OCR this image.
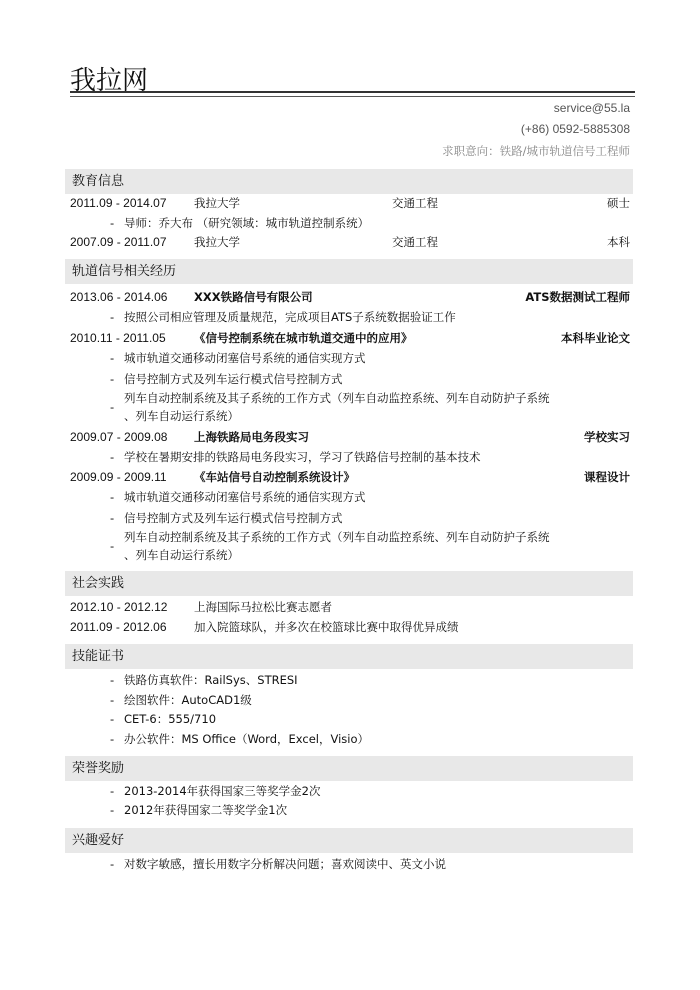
我拉网
service@55.la
(+86) 0592-5885308
求职意向：铁路/城市轨道信号工程师
教育信息
2011.09 - 2014.07 我拉大学	交通工程	硕士
- 导师：乔大布 （研究领域：城市轨道控制系统）
2007.09 - 2011.07 我拉大学	交通工程	本科
轨道信号相关经历
2013.06 - 2014.06 XXX铁路信号有限公司	ATS数据测试工程师
- 按照公司相应管理及质量规范，完成项目ATS子系统数据验证工作
2010.11 - 2011.05 《信号控制系统在城市轨道交通中的应用》	本科毕业论文
- 城市轨道交通移动闭塞信号系统的通信实现方式
- 信号控制方式及列车运行模式信号控制方式
-
列车自动控制系统及其子系统的工作方式（列车自动监控系统、列车自动防护子系统
、列车自动运行系统）
2009.07 - 2009.08 上海铁路局电务段实习	学校实习
- 学校在暑期安排的铁路局电务段实习，学习了铁路信号控制的基本技术
2009.09 - 2009.11 《车站信号自动控制系统设计》	课程设计
- 城市轨道交通移动闭塞信号系统的通信实现方式
- 信号控制方式及列车运行模式信号控制方式
-
列车自动控制系统及其子系统的工作方式（列车自动监控系统、列车自动防护子系统
、列车自动运行系统）
社会实践
2012.10 - 2012.12 上海国际马拉松比赛志愿者
2011.09 - 2012.06 加入院篮球队，并多次在校篮球比赛中取得优异成绩
技能证书
- 铁路仿真软件：RailSys、STRESI
- 绘图软件：AutoCAD1级
- CET-6：555/710
- 办公软件：MS Office（Word，Excel，Visio）
荣誉奖励
- 2013-2014年获得国家三等奖学金2次
- 2012年获得国家二等奖学金1次
兴趣爱好
- 对数字敏感，擅长用数字分析解决问题；喜欢阅读中、英文小说
